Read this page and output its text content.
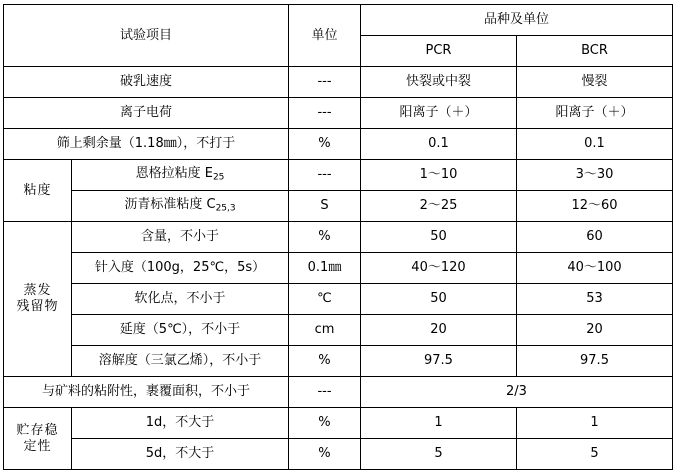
试验项目		单位	品种及单位	
			PCR	BCR
破乳速度		---	快裂或中裂	慢裂
离子电荷		---	阳离子（＋）	阳离子（＋）
筛上剩余量（1.18㎜），不打于		%	0.1	0.1
粘度	恩格拉粘度 $E_{25}$	---	1～10	3～30
	沥青标准粘度 $C_{25,3}$	S	2～25	12～60

蒸发
残留物	含量，不小于	%	50	60
	针入度（100g，25℃，5s）	0.1㎜	40～120	40～100
	软化点，不小于	℃	50	53
	延度（5℃），不小于	cm	20	20
	溶解度（三氯乙烯），不小于	%	97.5	97.5
与矿料的粘附性，裹覆面积，不小于		---	2/3	

贮存稳
定性	1d，不大于	%	1	1
	5d，不大于	%	5	5
